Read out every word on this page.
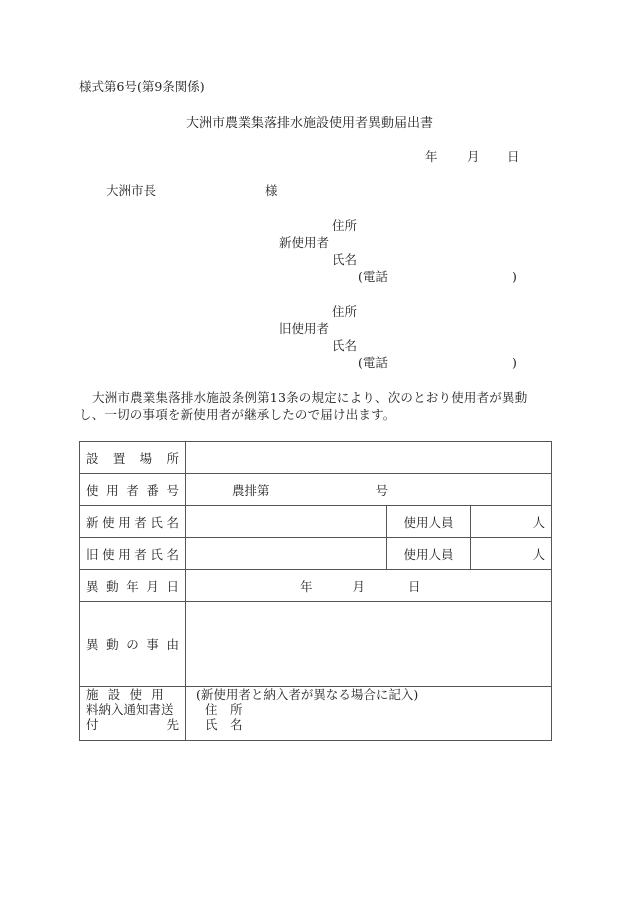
様式第6号(第9条関係)
大洲市農業集落排水施設使用者異動届出書
年 月 日
大洲市長	様
住所
新使用者
氏名
(電話	)
住所
旧使用者
氏名
(電話	)
大洲市農業集落排水施設条例第13条の規定により、次のとおり使用者が異動
し、一切の事項を新使用者が継承したので届け出ます。
設 置 場 所			

使 用 者 番 号	農排第 号		

新 使 用 者 氏 名		使用人員	人

旧 使 用 者 氏 名		使用人員	人

異 動 年 月 日	年 月 日		

異 動 の 事 由			

施 設 使 用
料納入通知書送
付	先

(新使用者と納入者が異なる場合に記入)
住　所
氏　名
